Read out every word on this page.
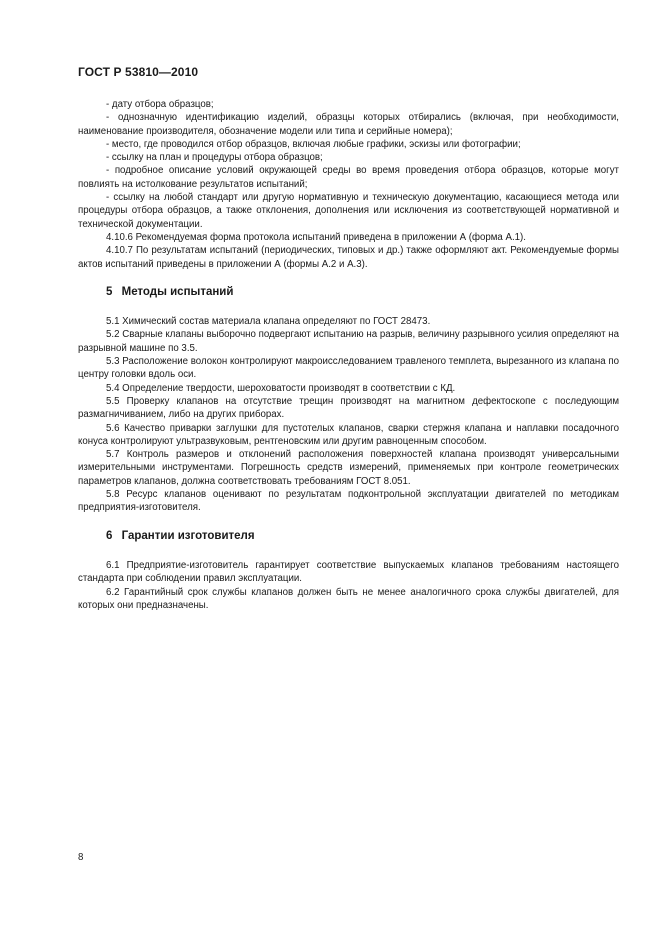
ГОСТ Р 53810—2010

- дату отбора образцов;

- однозначную идентификацию изделий, образцы которых отбирались (включая, при необходимости, наименование производителя, обозначение модели или типа и серийные номера);

- место, где проводился отбор образцов, включая любые графики, эскизы или фотографии;

- ссылку на план и процедуры отбора образцов;

- подробное описание условий окружающей среды во время проведения отбора образцов, которые могут повлиять на истолкование результатов испытаний;

- ссылку на любой стандарт или другую нормативную и техническую документацию, касающиеся метода или процедуры отбора образцов, а также отклонения, дополнения или исключения из соответствующей нормативной и технической документации.

4.10.6 Рекомендуемая форма протокола испытаний приведена в приложении А (форма А.1).

4.10.7 По результатам испытаний (периодических, типовых и др.) также оформляют акт. Рекомендуемые формы актов испытаний приведены в приложении А (формы А.2 и А.3).

5 Методы испытаний

5.1 Химический состав материала клапана определяют по ГОСТ 28473.

5.2 Сварные клапаны выборочно подвергают испытанию на разрыв, величину разрывного усилия определяют на разрывной машине по 3.5.

5.3 Расположение волокон контролируют макроисследованием травленого темплета, вырезанного из клапана по центру головки вдоль оси.

5.4 Определение твердости, шероховатости производят в соответствии с КД.

5.5 Проверку клапанов на отсутствие трещин производят на магнитном дефектоскопе с последующим размагничиванием, либо на других приборах.

5.6 Качество приварки заглушки для пустотелых клапанов, сварки стержня клапана и наплавки посадочного конуса контролируют ультразвуковым, рентгеновским или другим равноценным способом.

5.7 Контроль размеров и отклонений расположения поверхностей клапана производят универсальными измерительными инструментами. Погрешность средств измерений, применяемых при контроле геометрических параметров клапанов, должна соответствовать требованиям ГОСТ 8.051.

5.8 Ресурс клапанов оценивают по результатам подконтрольной эксплуатации двигателей по методикам предприятия-изготовителя.

6 Гарантии изготовителя

6.1 Предприятие-изготовитель гарантирует соответствие выпускаемых клапанов требованиям настоящего стандарта при соблюдении правил эксплуатации.

6.2 Гарантийный срок службы клапанов должен быть не менее аналогичного срока службы двигателей, для которых они предназначены.

8
